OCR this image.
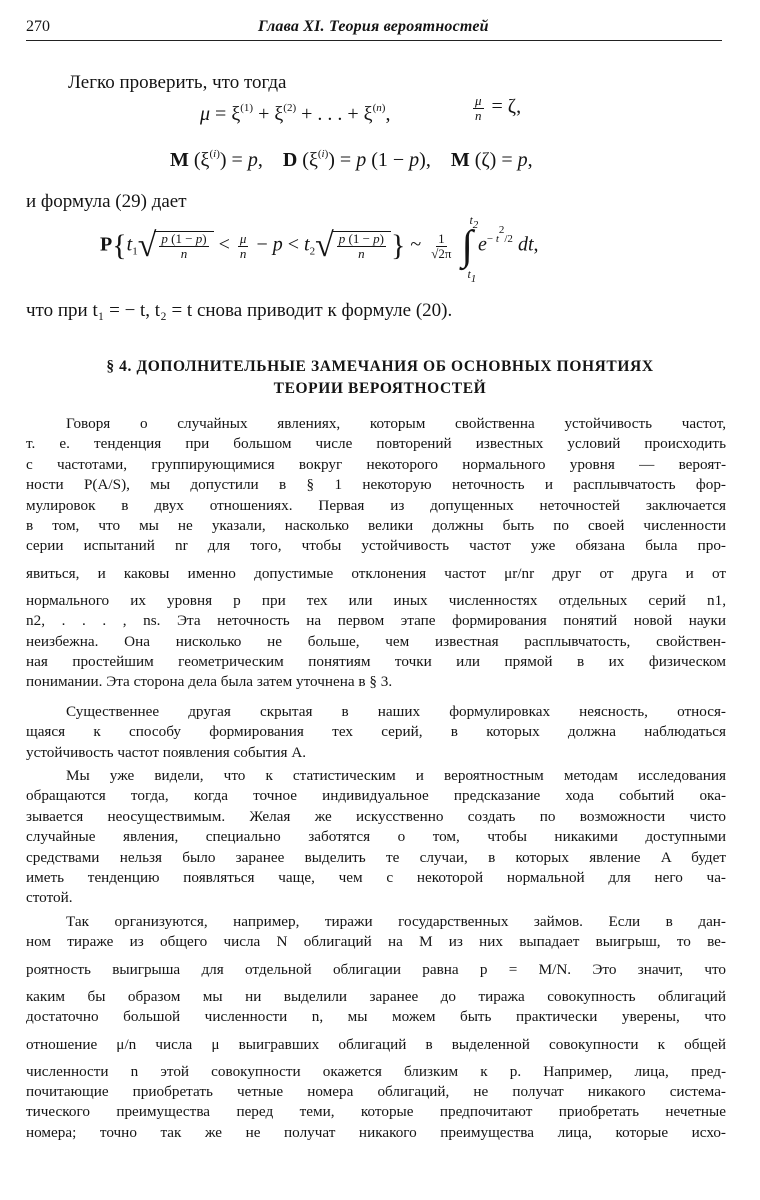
270	Глава XI. Теория вероятностей
Легко проверить, что тогда
$\mu = \xi^{(1)} + \xi^{(2)}$ + . . . + $\xi^{(n)}$,	$\frac{\mu}{n} = \zeta$,
M $(\xi^{(i)}) = p$,    D $(\xi^{(i)}) = p$ (1 − p),    M (ζ) = p,
и формула (29) дает
$P\{t_1√ \frac{p (1 - p)}{n} < \frac{\mu}{n} - p < t_2√ \frac{p (1 - p)}{n}$ } ~ $\frac{1}{√2\pi}$ ∫
t2
t1
$e^{- t2/2}$ dt,
что при t₁ = − t, t₂ = t снова приводит к формуле (20).
§ 4. ДОПОЛНИТЕЛЬНЫЕ ЗАМЕЧАНИЯ ОБ ОСНОВНЫХ ПОНЯТИЯХ
ТЕОРИИ ВЕРОЯТНОСТЕЙ
Говоря о случайных явлениях, которым свойственна устойчивость частот,
т. е. тенденция при большом числе повторений известных условий происходить
с частотами, группирующимися вокруг некоторого нормального уровня — вероят-
ности P(A/S), мы допустили в § 1 некоторую неточность и расплывчатость фор-
мулировок в двух отношениях. Первая из допущенных неточностей заключается
в том, что мы не указали, насколько велики должны быть по своей численности
серии испытаний nr для того, чтобы устойчивость частот уже обязана была про-
явиться, и каковы именно допустимые отклонения частот μr/nr друг от друга и от
нормального их уровня p при тех или иных численностях отдельных серий n1,
n2, . . . , ns. Эта неточность на первом этапе формирования понятий новой науки
неизбежна. Она нисколько не больше, чем известная расплывчатость, свойствен-
ная простейшим геометрическим понятиям точки или прямой в их физическом
понимании. Эта сторона дела была затем уточнена в § 3.
Существеннее другая скрытая в наших формулировках неясность, относя-
щаяся к способу формирования тех серий, в которых должна наблюдаться
устойчивость частот появления события A.
Мы уже видели, что к статистическим и вероятностным методам исследования
обращаются тогда, когда точное индивидуальное предсказание хода событий ока-
зывается неосуществимым. Желая же искусственно создать по возможности чисто
случайные явления, специально заботятся о том, чтобы никакими доступными
средствами нельзя было заранее выделить те случаи, в которых явление A будет
иметь тенденцию появляться чаще, чем с некоторой нормальной для него ча-
стотой.
Так организуются, например, тиражи государственных займов. Если в дан-
ном тираже из общего числа N облигаций на M из них выпадает выигрыш, то ве-
роятность выигрыша для отдельной облигации равна p = M/N. Это значит, что
каким бы образом мы ни выделили заранее до тиража совокупность облигаций
достаточно большой численности n, мы можем быть практически уверены, что
отношение μ/n числа μ выигравших облигаций в выделенной совокупности к общей
численности n этой совокупности окажется близким к p. Например, лица, пред-
почитающие приобретать четные номера облигаций, не получат никакого система-
тического преимущества перед теми, которые предпочитают приобретать нечетные
номера; точно так же не получат никакого преимущества лица, которые исхо-
